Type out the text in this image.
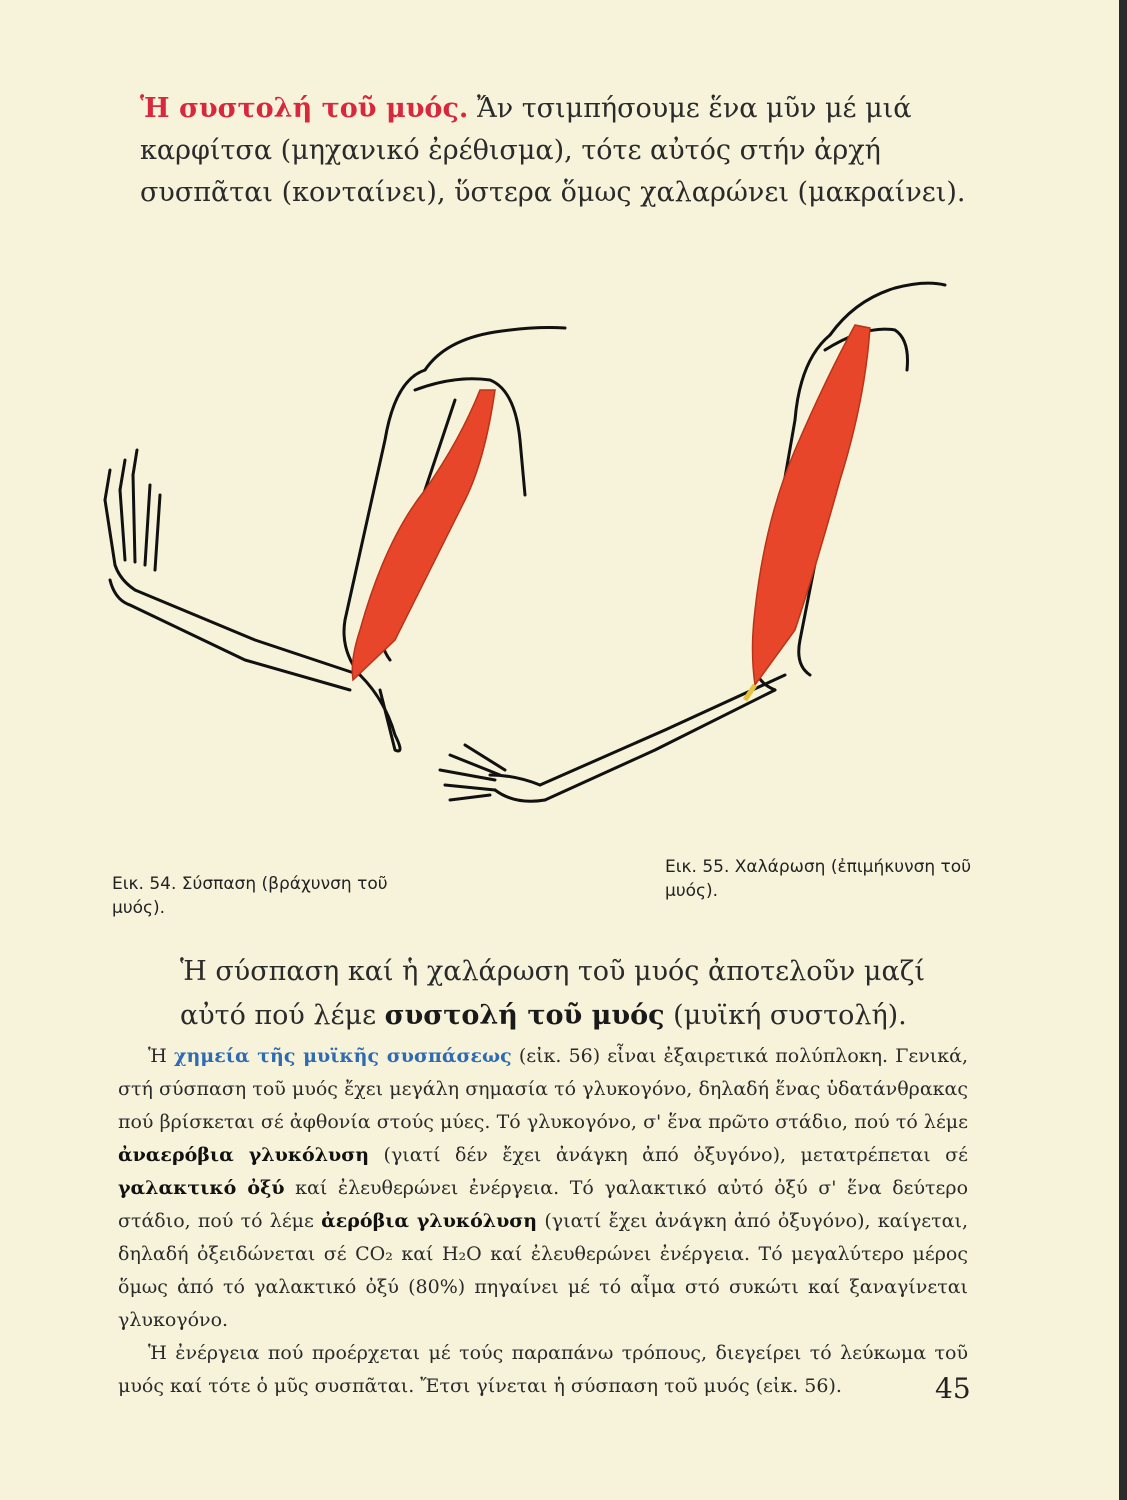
Ἡ συστολή τοῦ μυός. Ἄν τσιμπήσουμε ἕνα μῦν μέ μιά καρφίτσα (μηχανικό ἐρέθισμα), τότε αὐτός στήν ἀρχή συσπᾶται (κονταίνει), ὕστερα ὅμως χαλαρώνει (μακραίνει).
Εικ. 54. Σύσπαση (βράχυνση τοῦ μυός).
Εικ. 55. Χαλάρωση (ἐπιμήκυνση τοῦ μυός).
Ἡ σύσπαση καί ἡ χαλάρωση τοῦ μυός ἀποτελοῦν μαζί αὐτό πού λέμε συστολή τοῦ μυός (μυϊκή συστολή).

Ἡ χημεία τῆς μυϊκῆς συσπάσεως (εἰκ. 56) εἶναι ἐξαιρετικά πολύπλοκη. Γενικά, στή σύσπαση τοῦ μυός ἔχει μεγάλη σημασία τό γλυκογόνο, δηλαδή ἕνας ὑδατάνθρακας πού βρίσκεται σέ ἀφθονία στούς μύες. Τό γλυκογόνο, σ' ἕνα πρῶτο στάδιο, πού τό λέμε ἀναερόβια γλυκόλυση (γιατί δέν ἔχει ἀνάγκη ἀπό ὀξυγόνο), μετατρέπεται σέ γαλακτικό ὀξύ καί ἐλευθερώνει ἐνέργεια. Τό γαλακτικό αὐτό ὀξύ σ' ἕνα δεύτερο στάδιο, πού τό λέμε ἀερόβια γλυκόλυση (γιατί ἔχει ἀνάγκη ἀπό ὀξυγόνο), καίγεται, δηλαδή ὀξειδώνεται σέ CO₂ καί H₂O καί ἐλευθερώνει ἐνέργεια. Τό μεγαλύτερο μέρος ὅμως ἀπό τό γαλακτικό ὀξύ (80%) πηγαίνει μέ τό αἷμα στό συκώτι καί ξαναγίνεται γλυκογόνο.

Ἡ ἐνέργεια πού προέρχεται μέ τούς παραπάνω τρόπους, διεγείρει τό λεύκωμα τοῦ μυός καί τότε ὁ μῦς συσπᾶται. Ἔτσι γίνεται ἡ σύσπαση τοῦ μυός (εἰκ. 56).	45
